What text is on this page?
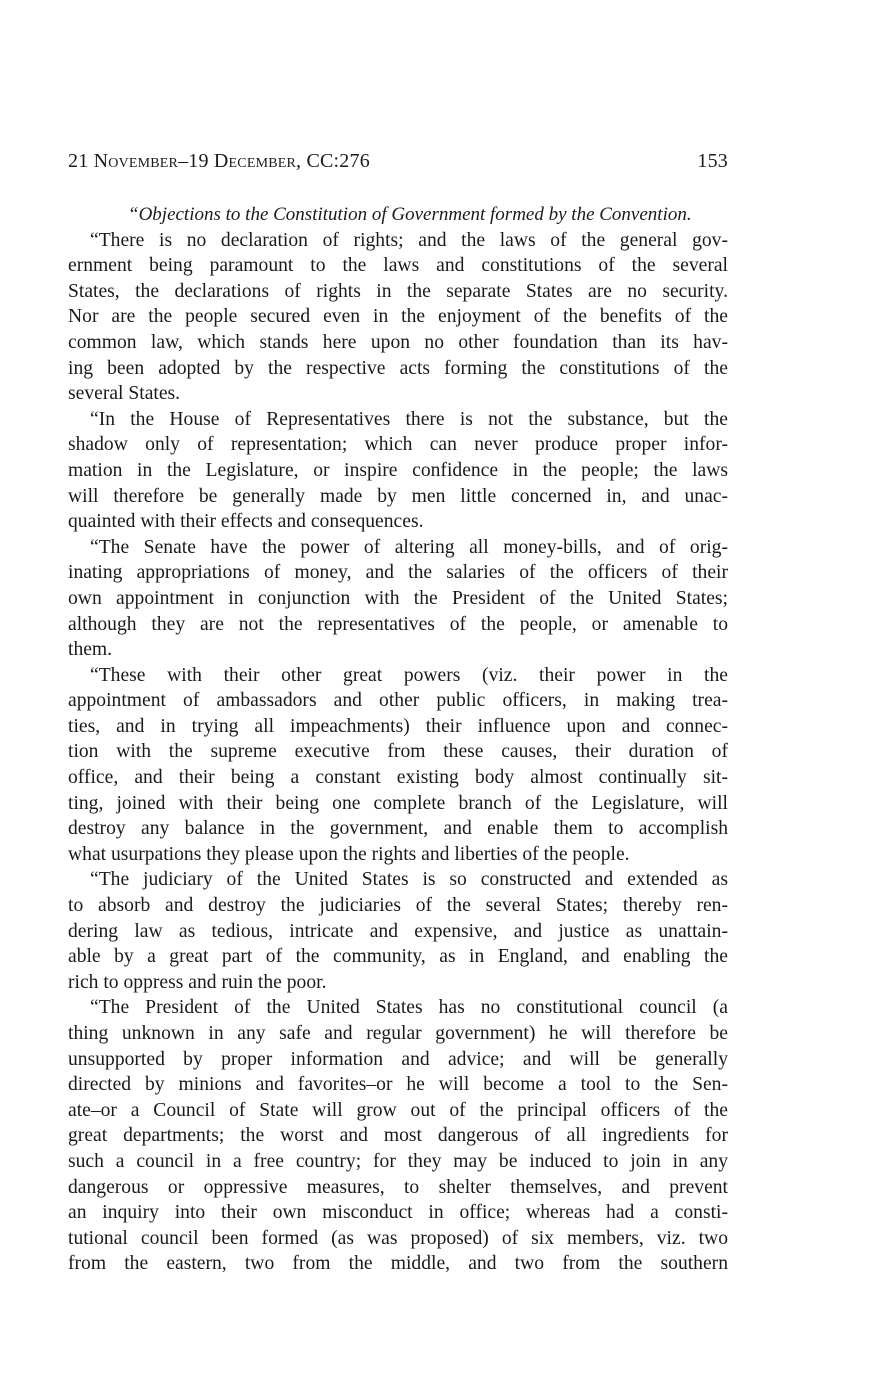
21 November–19 December, CC:276	153
“Objections to the Constitution of Government formed by the Convention.
“There is no declaration of rights; and the laws of the general gov-
ernment being paramount to the laws and constitutions of the several
States, the declarations of rights in the separate States are no security.
Nor are the people secured even in the enjoyment of the benefits of the
common law, which stands here upon no other foundation than its hav-
ing been adopted by the respective acts forming the constitutions of the
several States.
“In the House of Representatives there is not the substance, but the
shadow only of representation; which can never produce proper infor-
mation in the Legislature, or inspire confidence in the people; the laws
will therefore be generally made by men little concerned in, and unac-
quainted with their effects and consequences. 
“The Senate have the power of altering all money-bills, and of orig-
inating appropriations of money, and the salaries of the officers of their
own appointment in conjunction with the President of the United States;
although they are not the representatives of the people, or amenable to
them.
“These with their other great powers (viz. their power in the
appointment of ambassadors and other public officers, in making trea-
ties, and in trying all impeachments) their influence upon and connec-
tion with the supreme executive from these causes, their duration of
office, and their being a constant existing body almost continually sit-
ting, joined with their being one complete branch of the Legislature, will
destroy any balance in the government, and enable them to accomplish
what usurpations they please upon the rights and liberties of the people.
“The judiciary of the United States is so constructed and extended as
to absorb and destroy the judiciaries of the several States; thereby ren-
dering law as tedious, intricate and expensive, and justice as unattain-
able by a great part of the community, as in England, and enabling the
rich to oppress and ruin the poor.
“The President of the United States has no constitutional council (a
thing unknown in any safe and regular government) he will therefore be
unsupported by proper information and advice; and will be generally
directed by minions and favorites–or he will become a tool to the Sen-
ate–or a Council of State will grow out of the principal officers of the
great departments; the worst and most dangerous of all ingredients for
such a council in a free country; for they may be induced to join in any
dangerous or oppressive measures, to shelter themselves, and prevent
an inquiry into their own misconduct in office; whereas had a consti-
tutional council been formed (as was proposed) of six members, viz. two
from the eastern, two from the middle, and two from the southern
